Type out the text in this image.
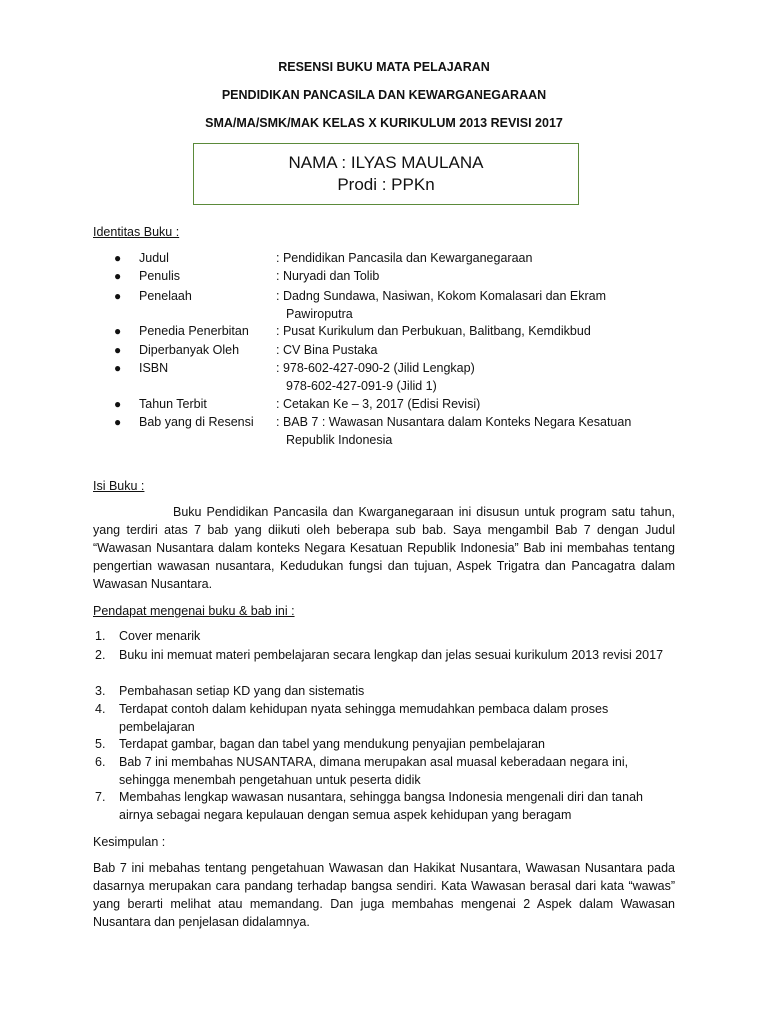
RESENSI BUKU MATA PELAJARAN
PENDIDIKAN PANCASILA DAN KEWARGANEGARAAN
SMA/MA/SMK/MAK KELAS X KURIKULUM 2013 REVISI 2017
NAMA : ILYAS MAULANA
Prodi : PPKn
Identitas Buku :
● Judul	: Pendidikan Pancasila dan Kewarganegaraan
● Penulis	: Nuryadi dan Tolib
● Penelaah	: Dadng Sundawa, Nasiwan, Kokom Komalasari dan Ekram
Pawiroputra
● Penedia Penerbitan : Pusat Kurikulum dan Perbukuan, Balitbang, Kemdikbud
● Diperbanyak Oleh	: CV Bina Pustaka
● ISBN	: 978-602-427-090-2 (Jilid Lengkap)
978-602-427-091-9 (Jilid 1)
● Tahun Terbit	: Cetakan Ke – 3, 2017 (Edisi Revisi)
● Bab yang di Resensi : BAB 7 : Wawasan Nusantara dalam Konteks Negara Kesatuan
Republik Indonesia
Isi Buku :
Buku Pendidikan Pancasila dan Kwarganegaraan ini disusun untuk program satu tahun, yang terdiri atas 7 bab yang diikuti oleh beberapa sub bab. Saya mengambil Bab 7 dengan Judul “Wawasan Nusantara dalam konteks Negara Kesatuan Republik Indonesia” Bab ini membahas tentang pengertian wawasan nusantara, Kedudukan fungsi dan tujuan, Aspek Trigatra dan Pancagatra dalam Wawasan Nusantara.
Pendapat mengenai buku & bab ini :
1. Cover menarik
2. Buku ini memuat materi pembelajaran secara lengkap dan jelas sesuai kurikulum 2013 revisi 2017
3. Pembahasan setiap KD yang dan sistematis
4. Terdapat contoh dalam kehidupan nyata sehingga memudahkan pembaca dalam proses pembelajaran
5. Terdapat gambar, bagan dan tabel yang mendukung penyajian pembelajaran
6. Bab 7 ini membahas NUSANTARA, dimana merupakan asal muasal keberadaan negara ini, sehingga menembah pengetahuan untuk peserta didik
7. Membahas lengkap wawasan nusantara, sehingga bangsa Indonesia mengenali diri dan tanah airnya sebagai negara kepulauan dengan semua aspek kehidupan yang beragam
Kesimpulan :
Bab 7 ini mebahas tentang pengetahuan Wawasan dan Hakikat Nusantara, Wawasan Nusantara pada dasarnya merupakan cara pandang terhadap bangsa sendiri. Kata Wawasan berasal dari kata “wawas” yang berarti melihat atau memandang. Dan juga membahas mengenai 2 Aspek dalam Wawasan Nusantara dan penjelasan didalamnya.
